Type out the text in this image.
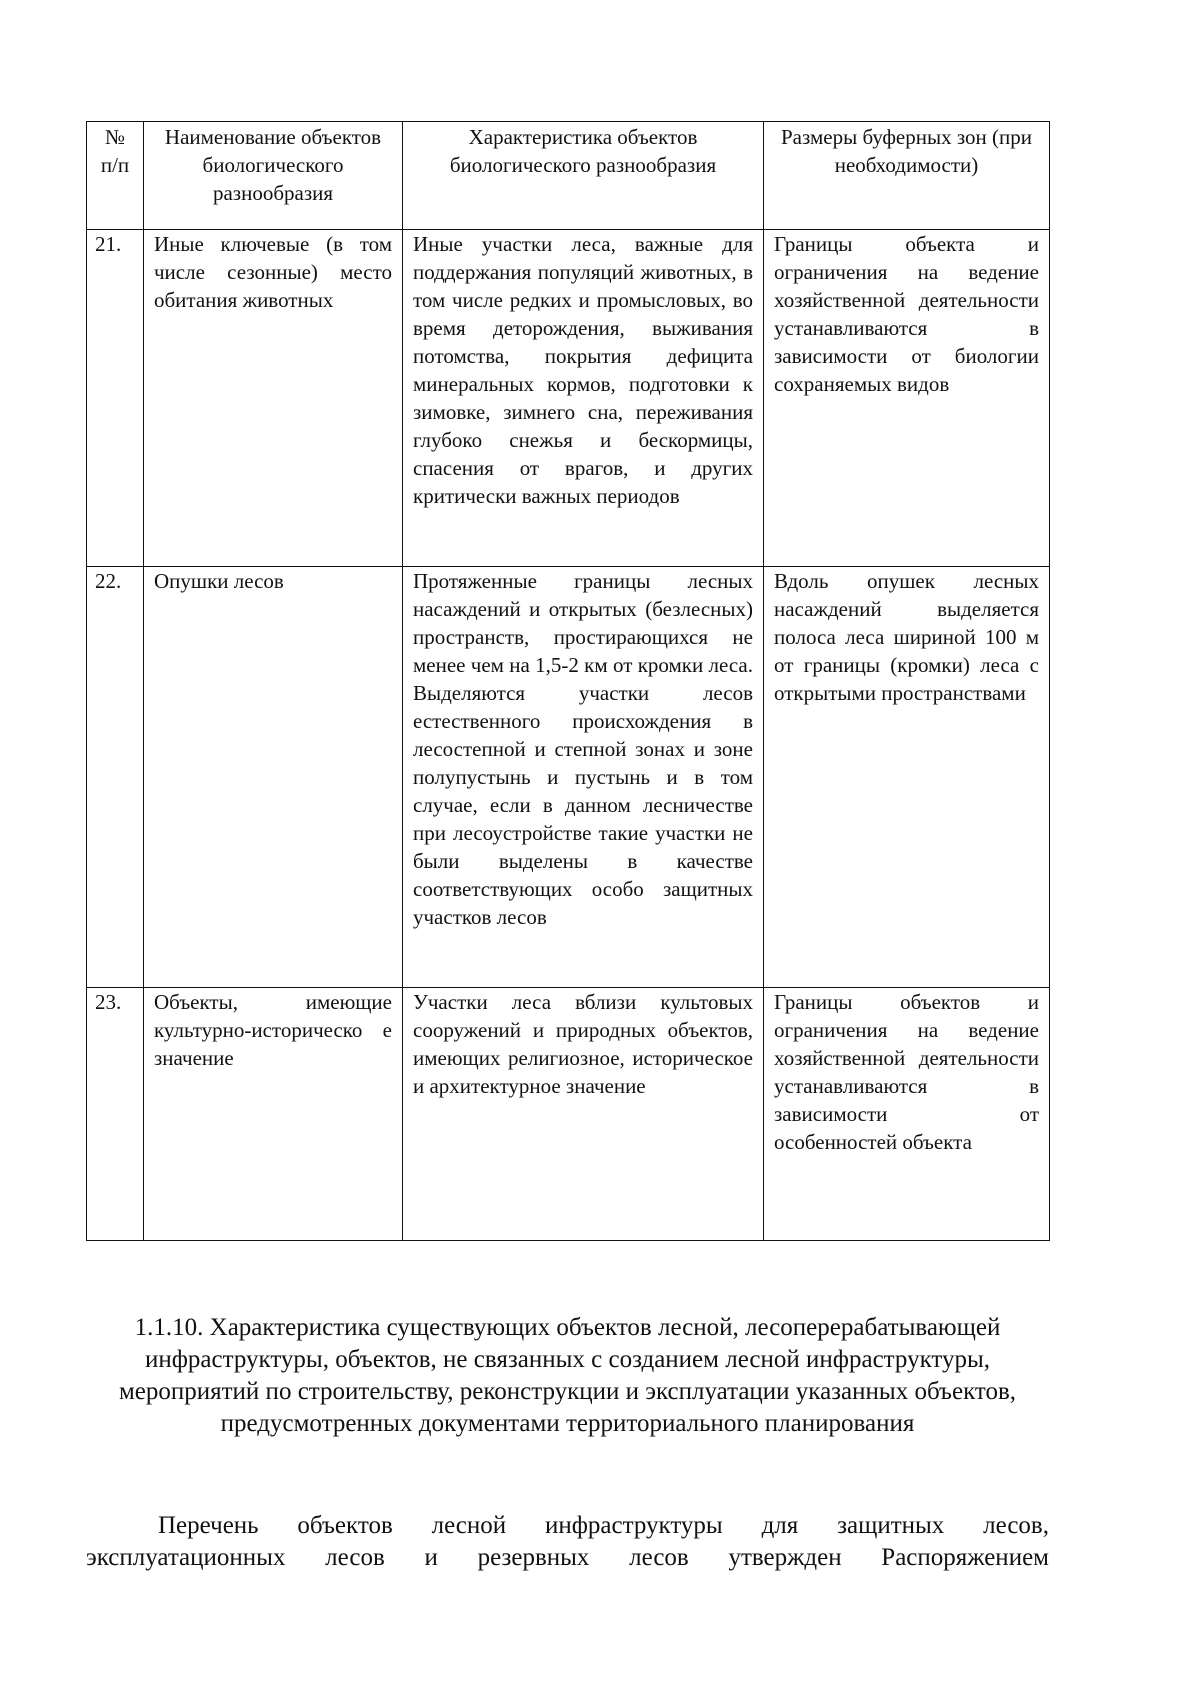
№ п/п	Наименование объектов биологического разнообразия	Характеристика объектов биологического разнообразия	Размеры буферных зон (при необходимости)
21.	Иные ключевые (в том числе сезонные) место обитания животных	Иные участки леса, важные для поддержания популяций животных, в том числе редких и промысловых, во время деторождения, выживания потомства, покрытия дефицита минеральных кормов, подготовки к зимовке, зимнего сна, переживания глубоко снежья и бескормицы, спасения от врагов, и других критически важных периодов	Границы объекта и ограничения на ведение хозяйственной деятельности устанавливаются в зависимости от биологии сохраняемых видов
22.	Опушки лесов	Протяженные границы лесных насаждений и открытых (безлесных) пространств, простирающихся не менее чем на 1,5-2 км от кромки леса. Выделяются участки лесов естественного происхождения в лесостепной и степной зонах и зоне полупустынь и пустынь и в том случае, если в данном лесничестве при лесоустройстве такие участки не были выделены в качестве соответствующих особо защитных участков лесов	Вдоль опушек лесных насаждений выделяется полоса леса шириной 100 м от границы (кромки) леса с открытыми пространствами
23.	Объекты, имеющие культурно-историческо е значение	Участки леса вблизи культовых сооружений и природных объектов, имеющих религиозное, историческое и архитектурное значение	Границы объектов и ограничения на ведение хозяйственной деятельности устанавливаются в зависимости от особенностей объекта
1.1.10. Характеристика существующих объектов лесной, лесоперерабатывающей инфраструктуры, объектов, не связанных с созданием лесной инфраструктуры, мероприятий по строительству, реконструкции и эксплуатации указанных объектов, предусмотренных документами территориального планирования

Перечень объектов лесной инфраструктуры для защитных лесов, эксплуатационных лесов и резервных лесов утвержден Распоряжением
